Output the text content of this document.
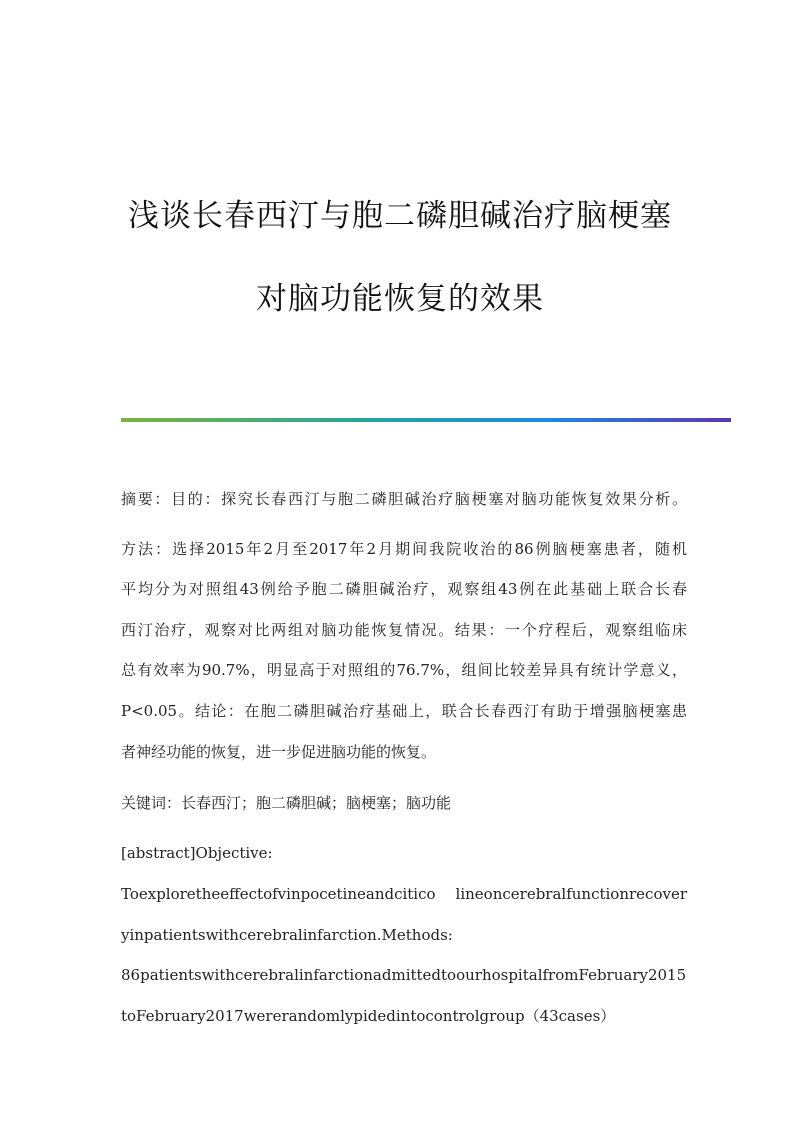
浅谈长春西汀与胞二磷胆碱治疗脑梗塞
对脑功能恢复的效果
摘要：目的：探究长春西汀与胞二磷胆碱治疗脑梗塞对脑功能恢复效果分析。
方法：选择2015年2月至2017年2月期间我院收治的86例脑梗塞患者，随机
平均分为对照组43例给予胞二磷胆碱治疗，观察组43例在此基础上联合长春
西汀治疗，观察对比两组对脑功能恢复情况。结果：一个疗程后，观察组临床
总有效率为90.7%，明显高于对照组的76.7%，组间比较差异具有统计学意义，
P<0.05。结论：在胞二磷胆碱治疗基础上，联合长春西汀有助于增强脑梗塞患
者神经功能的恢复，进一步促进脑功能的恢复。
关键词：长春西汀；胞二磷胆碱；脑梗塞；脑功能
[abstract]Objective:
Toexploretheeffectofvinpocetineandcitico lineoncerebralfunctionrecover
yinpatientswithcerebralinfarction.Methods:
86patientswithcerebralinfarctionadmittedtoourhospitalfromFebruary2015
toFebruary2017wererandomlypidedintocontrolgroup（43cases）
